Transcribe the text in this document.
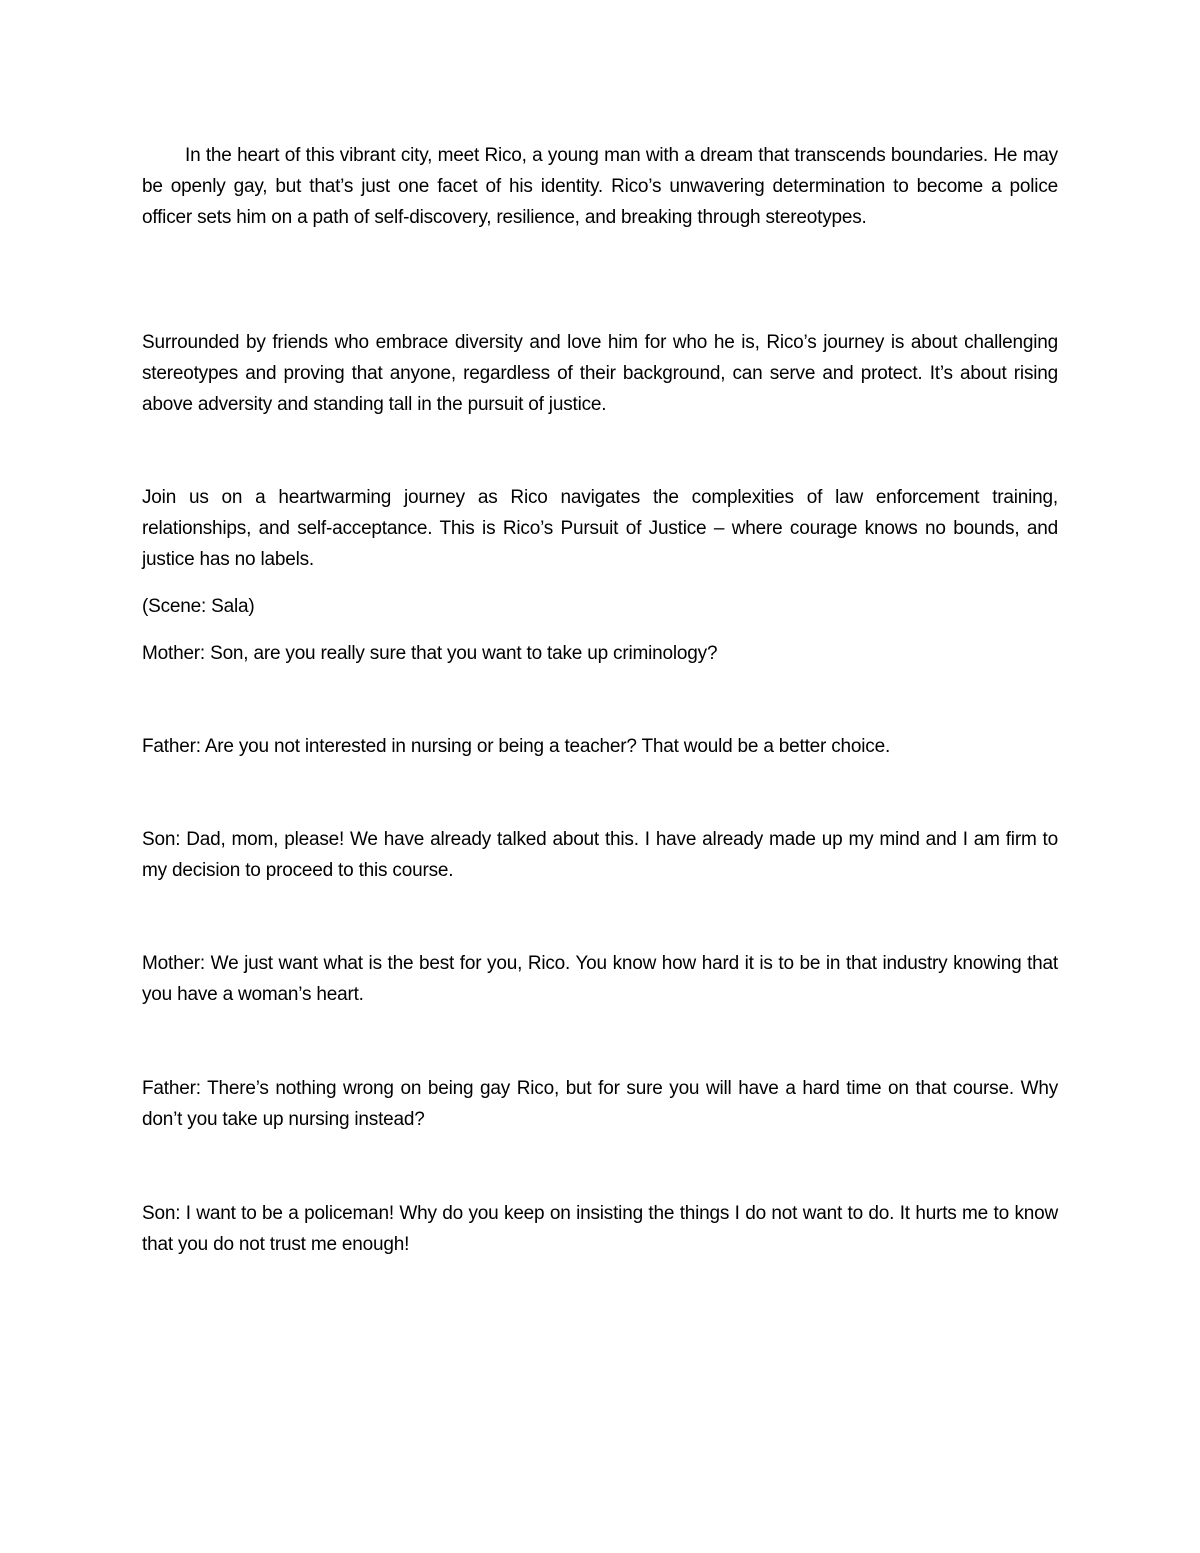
In the heart of this vibrant city, meet Rico, a young man with a dream that transcends boundaries. He may be openly gay, but that’s just one facet of his identity. Rico’s unwavering determination to become a police officer sets him on a path of self-discovery, resilience, and breaking through stereotypes.

Surrounded by friends who embrace diversity and love him for who he is, Rico’s journey is about challenging stereotypes and proving that anyone, regardless of their background, can serve and protect. It’s about rising above adversity and standing tall in the pursuit of justice.

Join us on a heartwarming journey as Rico navigates the complexities of law enforcement training, relationships, and self-acceptance. This is Rico’s Pursuit of Justice – where courage knows no bounds, and justice has no labels.

(Scene: Sala)

Mother: Son, are you really sure that you want to take up criminology?

Father: Are you not interested in nursing or being a teacher? That would be a better choice.

Son: Dad, mom, please! We have already talked about this. I have already made up my mind and I am firm to my decision to proceed to this course.

Mother: We just want what is the best for you, Rico. You know how hard it is to be in that industry knowing that you have a woman’s heart.

Father: There’s nothing wrong on being gay Rico, but for sure you will have a hard time on that course. Why don’t you take up nursing instead?

Son: I want to be a policeman! Why do you keep on insisting the things I do not want to do. It hurts me to know that you do not trust me enough!
